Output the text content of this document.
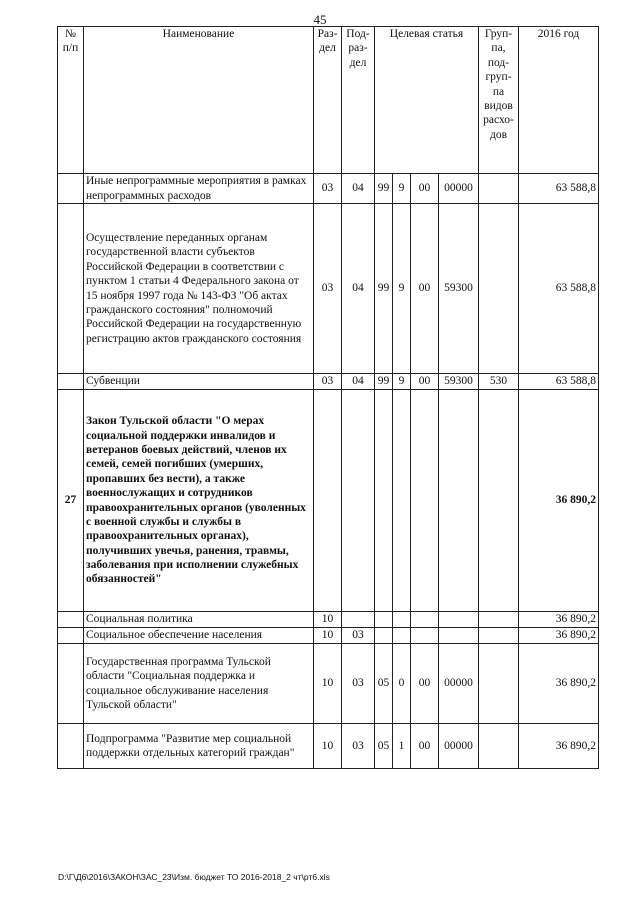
45
№ п/п	Наименование	Раз- дел	Под- раз- дел	Целевая статья				Груп- па, под- груп- па видов расхо- дов	2016 год
	Иные непрограммные мероприятия в рамках непрограммных расходов	03	04	99	9	00	00000		63 588,8
	Осуществление переданных органам государственной власти субъектов Российской Федерации в соответствии с пунктом 1 статьи 4 Федерального закона от 15 ноября 1997 года № 143-ФЗ "Об актах гражданского состояния" полномочий Российской Федерации на государственную регистрацию актов гражданского состояния	03	04	99	9	00	59300		63 588,8
	Субвенции	03	04	99	9	00	59300	530	63 588,8
27	Закон Тульской области "О мерах социальной поддержки инвалидов и ветеранов боевых действий, членов их семей, семей погибших (умерших, пропавших без вести), а также военнослужащих и сотрудников правоохранительных органов (уволенных с военной службы и службы в правоохранительных органах), получивших увечья, ранения, травмы, заболевания при исполнении служебных обязанностей"								36 890,2
	Социальная политика	10							36 890,2
	Социальное обеспечение населения	10	03						36 890,2
	Государственная программа Тульской области "Социальная поддержка и социальное обслуживание населения Тульской области"	10	03	05	0	00	00000		36 890,2
	Подпрограмма "Развитие мер социальной поддержки отдельных категорий граждан"	10	03	05	1	00	00000		36 890,2
D:\Г\Д6\2016\ЗАКОН\ЗАС_23\Изм. бюджет ТО 2016-2018_2 чт\рт6.xls
